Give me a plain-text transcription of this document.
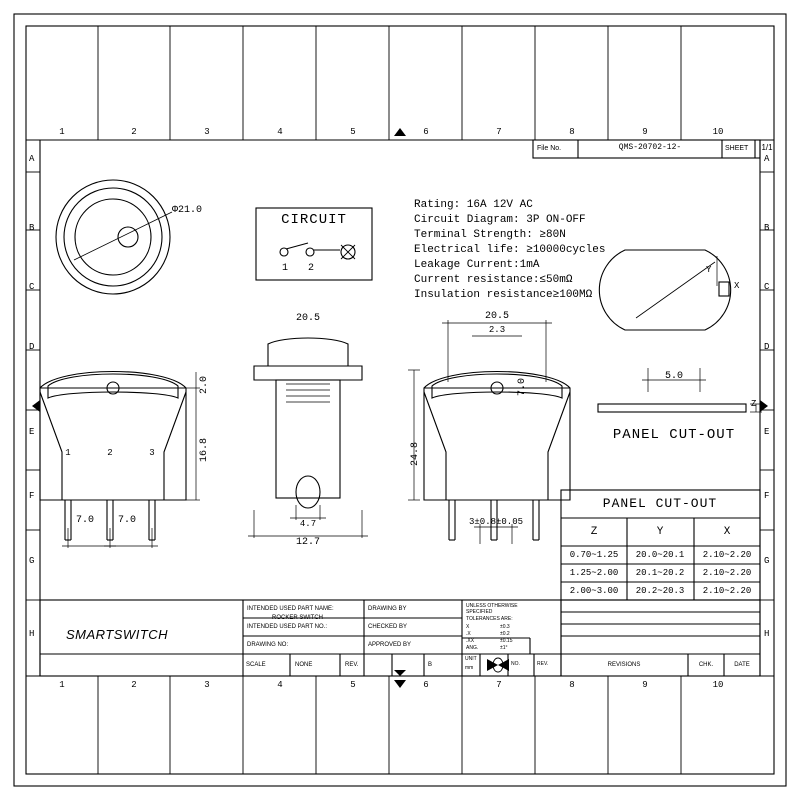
1	2	3	4	5	6	7	8	9	10
1	2	3	4	5	6	7	8	9	10
A
B
C
D
E
F
G
H
A
B
C
D
E
F
G
H
File No.	QMS-20702-12-	SHEET 1/1
Φ21.0
CIRCUIT
1 2
Rating: 16A 12V AC
Circuit Diagram: 3P ON-OFF
Terminal Strength: ≥80N
Electrical life: ≥10000cycles
Leakage Current:1mA
Current resistance:≤50mΩ
Insulation resistance≥100MΩ
1	2	3
7.0 7.0
16.8
2.0
20.5
4.7
12.7
20.5
2.3
7.0
24.8
3±0.8±0.05
Y
X
Z
5.0
PANEL CUT-OUT
PANEL CUT-OUT
Z	Y	X
0.70~1.25 20.0~20.1 2.10~2.20
1.25~2.00 20.1~20.2 2.10~2.20
2.00~3.00 20.2~20.3 2.10~2.20
SMARTSWITCH
INTENDED USED PART NAME:
INTENDED USED PART NO.:
DRAWING NO:
ROCKER SWITCH
DRAWING BY
CHECKED BY
APPROVED BY
UNLESS OTHERWISE
SPECIFIED
TOLERANCES ARE:
X	±0.3
.X	±0.2
.XX	±0.15
ANG.	±1°
SCALE	NONE	REV.	B
UNIT
mm
NO.	REV.	REVISIONS	CHK.	DATE
